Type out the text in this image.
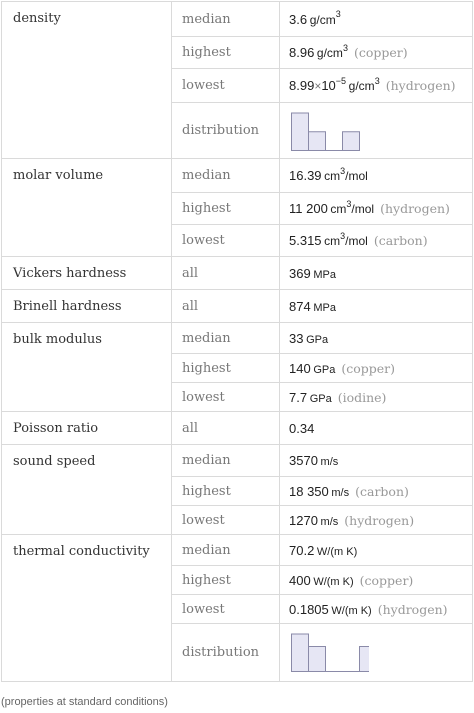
density	median	3.6  $g/cm^3$
	highest	8.96  $g/cm^3$ (copper)
	lowest	$8.99\times 10^{-5}$  $g/cm^3$ (hydrogen)
	distribution	

molar volume	median	16.39  $cm^3$/mol
	highest	11 200  $cm^3$/mol (hydrogen)
	lowest	5.315  $cm^3$/mol (carbon)

Vickers hardness	all	369  MPa

Brinell hardness	all	874  MPa

bulk modulus	median	33  GPa
	highest	140  GPa (copper)
	lowest	7.7  GPa (iodine)

Poisson ratio	all	0.34

sound speed	median	3570  m/s
	highest	18 350  m/s (carbon)
	lowest	1270  m/s (hydrogen)

thermal conductivity	median	70.2  W/(m K)
	highest	400  W/(m K) (copper)
	lowest	0.1805  W/(m K) (hydrogen)
	distribution	
(properties at standard conditions)
